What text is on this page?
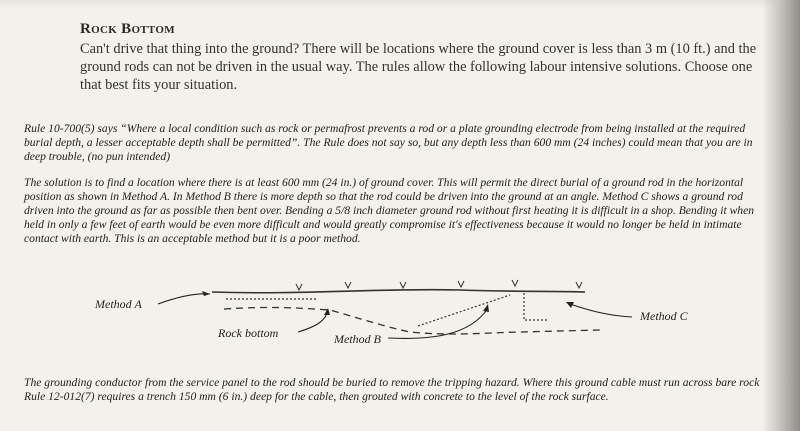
Rock Bottom

Can't drive that thing into the ground? There will be locations where the ground cover is less than 3 m (10 ft.) and the ground rods can not be driven in the usual way. The rules allow the following labour intensive solutions. Choose one that best fits your situation.

Rule 10-700(5) says “Where a local condition such as rock or permafrost prevents a rod or a plate grounding electrode from being installed at the required burial depth, a lesser acceptable depth shall be permitted”. The Rule does not say so, but any depth less than 600 mm (24 inches) could mean that you are in deep trouble, (no pun intended)

The solution is to find a location where there is at least 600 mm (24 in.) of ground cover. This will permit the direct burial of a ground rod in the horizontal position as shown in Method A. In Method B there is more depth so that the rod could be driven into the ground at an angle. Method C shows a ground rod driven into the ground as far as possible then bent over. Bending a 5/8 inch diameter ground rod without first heating it is difficult in a shop. Bending it when held in only a few feet of earth would be even more difficult and would greatly compromise it's effectiveness because it would no longer be held in intimate contact with earth. This is an acceptable method but it is a poor method.

Method A
Rock bottom	Method B
Method C

The grounding conductor from the service panel to the rod should be buried to remove the tripping hazard. Where this ground cable must run across bare rock Rule 12-012(7) requires a trench 150 mm (6 in.) deep for the cable, then grouted with concrete to the level of the rock surface.
